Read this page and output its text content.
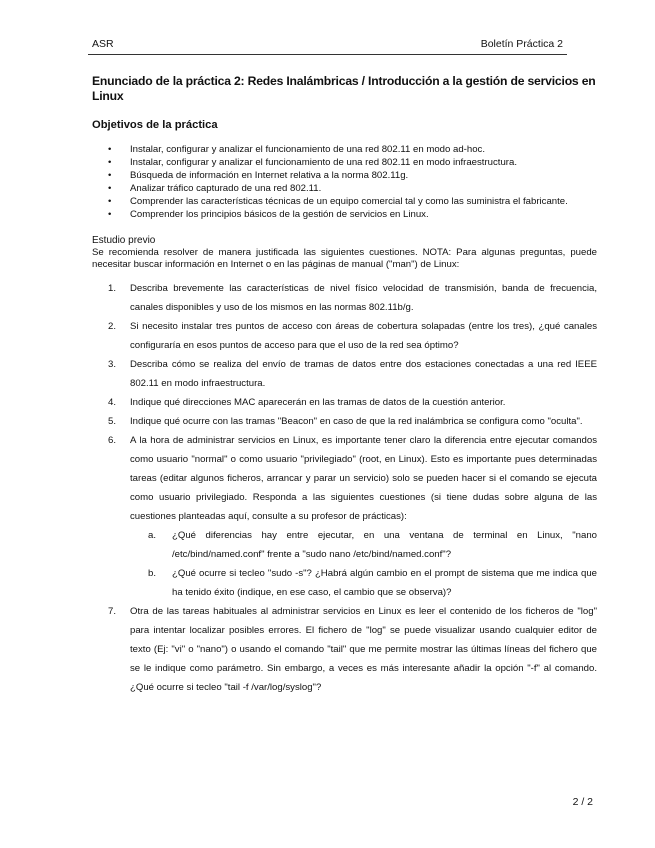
ASR	Boletín Práctica 2
Enunciado de la práctica 2: Redes Inalámbricas / Introducción a la gestión de servicios en Linux
Objetivos de la práctica
• Instalar, configurar y analizar el funcionamiento de una red 802.11 en modo ad-hoc.
• Instalar, configurar y analizar el funcionamiento de una red 802.11 en modo infraestructura.
• Búsqueda de información en Internet relativa a la norma 802.11g.
• Analizar tráfico capturado de una red 802.11.
• Comprender las características técnicas de un equipo comercial tal y como las suministra el fabricante.
• Comprender los principios básicos de la gestión de servicios en Linux.

Estudio previo

Se recomienda resolver de manera justificada las siguientes cuestiones. NOTA: Para algunas preguntas, puede necesitar buscar información en Internet o en las páginas de manual ("man") de Linux:

1. Describa brevemente las características de nivel físico velocidad de transmisión, banda de frecuencia, canales disponibles y uso de los mismos en las normas 802.11b/g.
2. Si necesito instalar tres puntos de acceso con áreas de cobertura solapadas (entre los tres), ¿qué canales configuraría en esos puntos de acceso para que el uso de la red sea óptimo?
3. Describa cómo se realiza del envío de tramas de datos entre dos estaciones conectadas a una red IEEE 802.11 en modo infraestructura.
4. Indique qué direcciones MAC aparecerán en las tramas de datos de la cuestión anterior.
5. Indique qué ocurre con las tramas "Beacon" en caso de que la red inalámbrica se configura como "oculta".
6. A la hora de administrar servicios en Linux, es importante tener claro la diferencia entre ejecutar comandos como usuario "normal" o como usuario "privilegiado" (root, en Linux). Esto es importante pues determinadas tareas (editar algunos ficheros, arrancar y parar un servicio) solo se pueden hacer si el comando se ejecuta como usuario privilegiado. Responda a las siguientes cuestiones (si tiene dudas sobre alguna de las cuestiones planteadas aquí, consulte a su profesor de prácticas):
a. ¿Qué diferencias hay entre ejecutar, en una ventana de terminal en Linux, "nano /etc/bind/named.conf" frente a "sudo nano /etc/bind/named.conf"?
b. ¿Qué ocurre si tecleo "sudo -s"? ¿Habrá algún cambio en el prompt de sistema que me indica que ha tenido éxito (indique, en ese caso, el cambio que se observa)?
7. Otra de las tareas habituales al administrar servicios en Linux es leer el contenido de los ficheros de "log" para intentar localizar posibles errores. El fichero de "log" se puede visualizar usando cualquier editor de texto (Ej: "vi" o "nano") o usando el comando "tail" que me permite mostrar las últimas líneas del fichero que se le indique como parámetro. Sin embargo, a veces es más interesante añadir la opción "-f" al comando. ¿Qué ocurre si tecleo "tail -f /var/log/syslog"?
2 / 2
